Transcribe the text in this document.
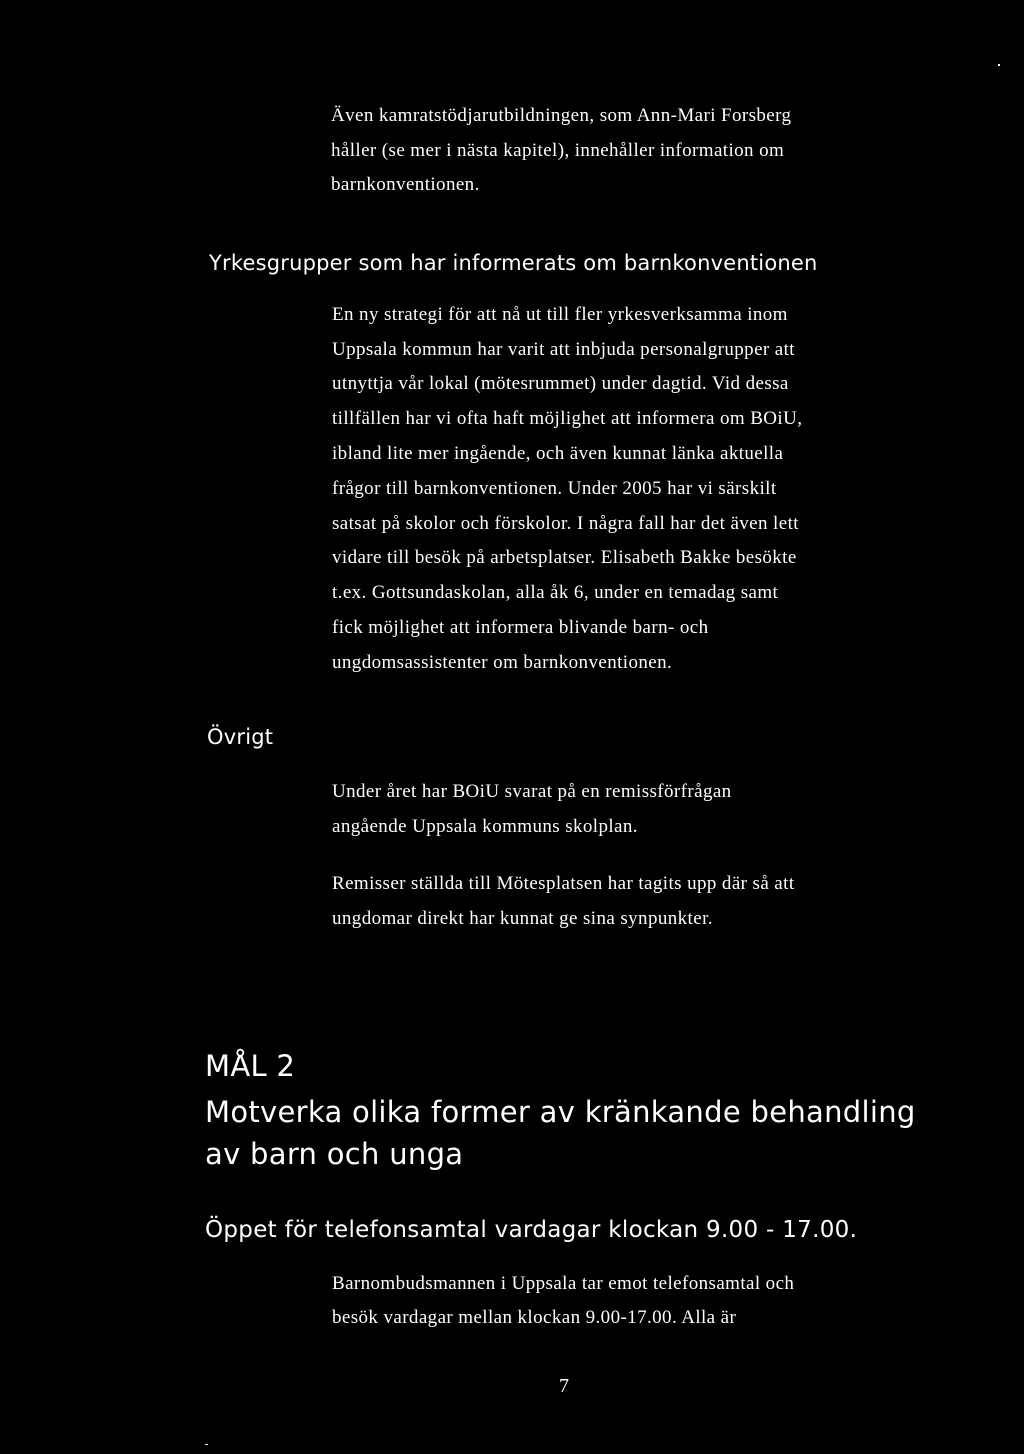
Även kamratstödjarutbildningen, som Ann-Mari Forsberg
håller (se mer i nästa kapitel), innehåller information om
barnkonventionen.
Yrkesgrupper som har informerats om barnkonventionen
En ny strategi för att nå ut till fler yrkesverksamma inom
Uppsala kommun har varit att inbjuda personalgrupper att
utnyttja vår lokal (mötesrummet) under dagtid. Vid dessa
tillfällen har vi ofta haft möjlighet att informera om BOiU,
ibland lite mer ingående, och även kunnat länka aktuella
frågor till barnkonventionen. Under 2005 har vi särskilt
satsat på skolor och förskolor. I några fall har det även lett
vidare till besök på arbetsplatser. Elisabeth Bakke besökte
t.ex. Gottsundaskolan, alla åk 6, under en temadag samt
fick möjlighet att informera blivande barn- och
ungdomsassistenter om barnkonventionen.
Övrigt
Under året har BOiU svarat på en remissförfrågan
angående Uppsala kommuns skolplan.
Remisser ställda till Mötesplatsen har tagits upp där så att
ungdomar direkt har kunnat ge sina synpunkter.
MÅL 2
Motverka olika former av kränkande behandling
av barn och unga
Öppet för telefonsamtal vardagar klockan 9.00 - 17.00.
Barnombudsmannen i Uppsala tar emot telefonsamtal och
besök vardagar mellan klockan 9.00-17.00. Alla är
7
